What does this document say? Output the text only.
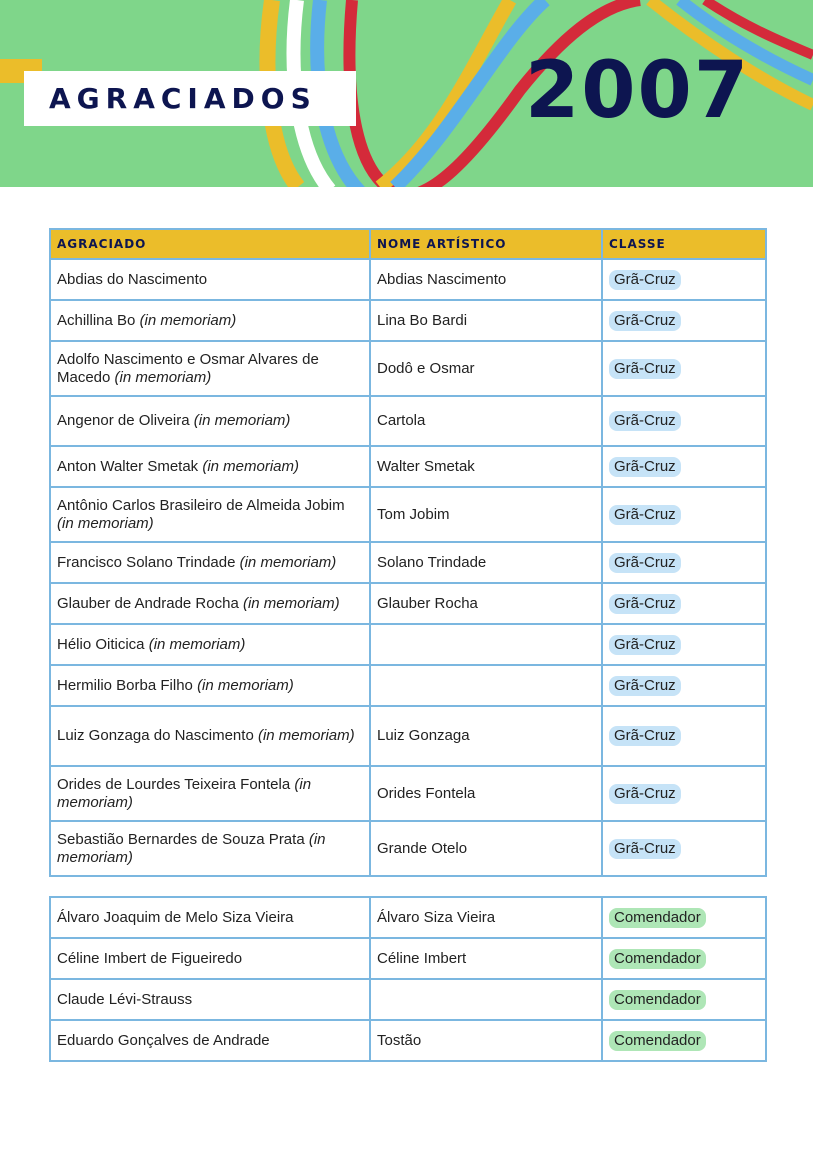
AGRACIADOS	2007
AGRACIADO	NOME ARTÍSTICO	CLASSE
Abdias do Nascimento	Abdias Nascimento	Grã-Cruz
Achillina Bo (in memoriam)	Lina Bo Bardi	Grã-Cruz
Adolfo Nascimento e Osmar Alvares de Macedo (in memoriam)	Dodô e Osmar	Grã-Cruz
Angenor de Oliveira (in memoriam)	Cartola	Grã-Cruz
Anton Walter Smetak (in memoriam)	Walter Smetak	Grã-Cruz
Antônio Carlos Brasileiro de Almeida Jobim (in memoriam)	Tom Jobim	Grã-Cruz
Francisco Solano Trindade (in memoriam)	Solano Trindade	Grã-Cruz
Glauber de Andrade Rocha (in memoriam)	Glauber Rocha	Grã-Cruz
Hélio Oiticica (in memoriam)		Grã-Cruz
Hermilio Borba Filho (in memoriam)		Grã-Cruz
Luiz Gonzaga do Nascimento (in memoriam)	Luiz Gonzaga	Grã-Cruz
Orides de Lourdes Teixeira Fontela (in memoriam)	Orides Fontela	Grã-Cruz
Sebastião Bernardes de Souza Prata (in memoriam)	Grande Otelo	Grã-Cruz
Álvaro Joaquim de Melo Siza Vieira	Álvaro Siza Vieira	Comendador
Céline Imbert de Figueiredo	Céline Imbert	Comendador
Claude Lévi-Strauss		Comendador
Eduardo Gonçalves de Andrade	Tostão	Comendador
